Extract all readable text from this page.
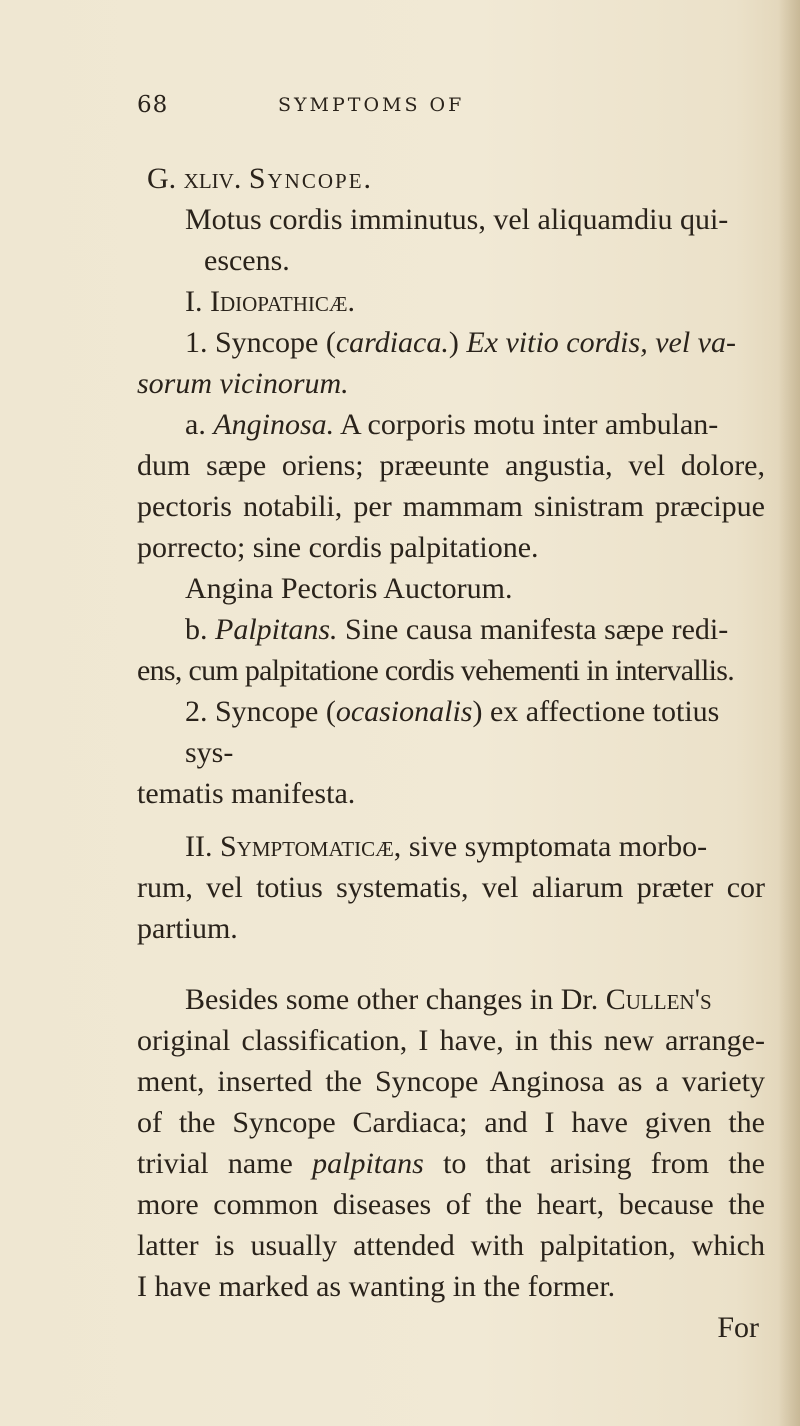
68	SYMPTOMS OF

G. xliv. Syncope.

Motus cordis imminutus, vel aliquamdiu qui-

escens.

I. Idiopathicæ.

1. Syncope (cardiaca.) Ex vitio cordis, vel va-

sorum vicinorum.

a. Anginosa. A corporis motu inter ambulan-

dum sæpe oriens; præeunte angustia, vel dolore,

pectoris notabili, per mammam sinistram præcipue

porrecto; sine cordis palpitatione.

Angina Pectoris Auctorum.

b. Palpitans. Sine causa manifesta sæpe redi-

ens, cum palpitatione cordis vehementi in intervallis.

2. Syncope (ocasionalis) ex affectione totius sys-

tematis manifesta.

II. Symptomaticæ, sive symptomata morbo-

rum, vel totius systematis, vel aliarum præter cor

partium.

Besides some other changes in Dr. Cullen's

original classification, I have, in this new arrange-

ment, inserted the Syncope Anginosa as a variety

of the Syncope Cardiaca; and I have given the

trivial name palpitans to that arising from the

more common diseases of the heart, because the

latter is usually attended with palpitation, which

I have marked as wanting in the former.

For
